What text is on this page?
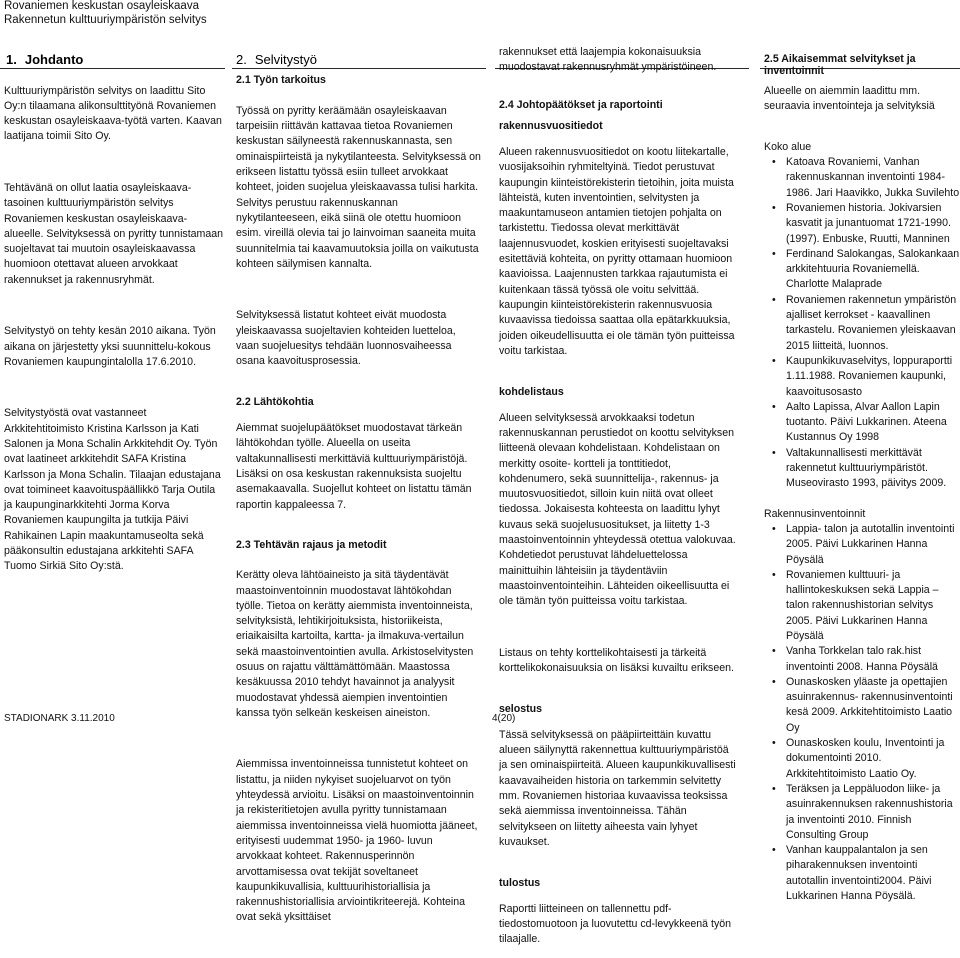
Rovaniemen keskustan osayleiskaava
Rakennetun kulttuuriympäristön selvitys
1. Johdanto	2. Selvitystyö

Kulttuuriympäristön selvitys on laadittu Sito Oy:n tilaamana alikonsulttityönä Rovaniemen keskustan osayleiskaava-työtä varten. Kaavan laatijana toimii Sito Oy.

Tehtävänä on ollut laatia osayleiskaava-tasoinen kulttuuriympäristön selvitys Rovaniemen keskustan osayleiskaava-alueelle. Selvityksessä on pyritty tunnistamaan suojeltavat tai muutoin osayleiskaavassa huomioon otettavat alueen arvokkaat rakennukset ja rakennusryhmät.

Selvitystyö on tehty kesän 2010 aikana. Työn aikana on järjestetty yksi suunnittelu-kokous Rovaniemen kaupungintalolla 17.6.2010.

Selvitystyöstä ovat vastanneet Arkkitehtitoimisto Kristina Karlsson ja Kati Salonen ja Mona Schalin Arkkitehdit Oy. Työn ovat laatineet arkkitehdit SAFA Kristina Karlsson ja Mona Schalin. Tilaajan edustajana ovat toimineet kaavoituspäällikkö Tarja Outila ja kaupunginarkkitehti Jorma Korva Rovaniemen kaupungilta ja tutkija Päivi Rahikainen Lapin maakuntamuseolta sekä pääkonsultin edustajana arkkitehti SAFA Tuomo Sirkiä Sito Oy:stä.

2.1 Työn tarkoitus

Työssä on pyritty keräämään osayleiskaavan tarpeisiin riittävän kattavaa tietoa Rovaniemen keskustan säilyneestä rakennuskannasta, sen ominaispiirteistä ja nykytilanteesta. Selvityksessä on erikseen listattu työssä esiin tulleet arvokkaat kohteet, joiden suojelua yleiskaavassa tulisi harkita. Selvitys perustuu rakennuskannan nykytilanteeseen, eikä siinä ole otettu huomioon esim. vireillä olevia tai jo lainvoiman saaneita muita suunnitelmia tai kaavamuutoksia joilla on vaikutusta kohteen säilymisen kannalta.

Selvityksessä listatut kohteet eivät muodosta yleiskaavassa suojeltavien kohteiden luetteloa, vaan suojeluesitys tehdään luonnosvaiheessa osana kaavoitusprosessia.

2.2 Lähtökohtia

Aiemmat suojelupäätökset muodostavat tärkeän lähtökohdan työlle. Alueella on useita valtakunnallisesti merkittäviä kulttuuriympäristöjä. Lisäksi on osa keskustan rakennuksista suojeltu asemakaavalla. Suojellut kohteet on listattu tämän raportin kappaleessa 7.

2.3 Tehtävän rajaus ja metodit

Kerätty oleva lähtöaineisto ja sitä täydentävät maastoinventoinnin muodostavat lähtökohdan työlle. Tietoa on kerätty aiemmista inventoinneista, selvityksistä, lehtikirjoituksista, historiikeista, eriaikaisilta kartoilta, kartta- ja ilmakuva-vertailun sekä maastoinventointien avulla. Arkistoselvitysten osuus on rajattu välttämättömään. Maastossa kesäkuussa 2010 tehdyt havainnot ja analyysit muodostavat yhdessä aiempien inventointien kanssa työn selkeän keskeisen aineiston.

Aiemmissa inventoinneissa tunnistetut kohteet on listattu, ja niiden nykyiset suojeluarvot on työn yhteydessä arvioitu. Lisäksi on maastoinventoinnin ja rekisteritietojen avulla pyritty tunnistamaan aiemmissa inventoinneissa vielä huomiotta jääneet, erityisesti uudemmat 1950- ja 1960- luvun arvokkaat kohteet. Rakennusperinnön arvottamisessa ovat tekijät soveltaneet kaupunkikuvallisia, kulttuurihistoriallisia ja rakennushistoriallisia arviointikriteerejä. Kohteina ovat sekä yksittäiset

rakennukset että laajempia kokonaisuuksia muodostavat rakennusryhmät ympäristöineen.

2.4 Johtopäätökset ja raportointi
rakennusvuositiedot

Alueen rakennusvuositiedot on kootu liitekartalle, vuosijaksoihin ryhmiteltyinä. Tiedot perustuvat kaupungin kiinteistörekisterin tietoihin, joita muista lähteistä, kuten inventointien, selvitysten ja maakuntamuseon antamien tietojen pohjalta on tarkistettu. Tiedossa olevat merkittävät laajennusvuodet, koskien erityisesti suojeltavaksi esitettäviä kohteita, on pyritty ottamaan huomioon kaavioissa. Laajennusten tarkkaa rajautumista ei kuitenkaan tässä työssä ole voitu selvittää. kaupungin kiinteistörekisterin rakennusvuosia kuvaavissa tiedoissa saattaa olla epätarkkuuksia, joiden oikeudellisuutta ei ole tämän työn puitteissa voitu tarkistaa.

kohdelistaus

Alueen selvityksessä arvokkaaksi todetun rakennuskannan perustiedot on koottu selvityksen liitteenä olevaan kohdelistaan. Kohdelistaan on merkitty osoite- kortteli ja tonttitiedot, kohdenumero, sekä suunnittelija-, rakennus- ja muutosvuositiedot, silloin kuin niitä ovat olleet tiedossa. Jokaisesta kohteesta on laadittu lyhyt kuvaus sekä suojelusuositukset, ja liitetty 1-3 maastoinventoinnin yhteydessä otettua valokuvaa. Kohdetiedot perustuvat lähdeluettelossa mainittuihin lähteisiin ja täydentäviin maastoinventointeihin. Lähteiden oikeellisuutta ei ole tämän työn puitteissa voitu tarkistaa.

Listaus on tehty korttelikohtaisesti ja tärkeitä korttelikokonaisuuksia on lisäksi kuvailtu erikseen.

selostus

Tässä selvityksessä on pääpiirteittäin kuvattu alueen säilynyttä rakennettua kulttuuriympäristöä ja sen ominaispiirteitä. Alueen kaupunkikuvallisesti kaavavaiheiden historia on tarkemmin selvitetty mm. Rovaniemen historiaa kuvaavissa teoksissa sekä aiemmissa inventoinneissa. Tähän selvitykseen on liitetty aiheesta vain lyhyet kuvaukset.

tulostus

Raportti liitteineen on tallennettu pdf-tiedostomuotoon ja luovutettu cd-levykkeenä työn tilaajalle.

2.5 Aikaisemmat selvitykset ja inventoinnit

Alueelle on aiemmin laadittu mm. seuraavia inventointeja ja selvityksiä

Koko alue
• Katoava Rovaniemi, Vanhan rakennuskannan inventointi 1984- 1986. Jari Haavikko, Jukka Suvilehto
• Rovaniemen historia. Jokivarsien kasvatit ja junantuomat 1721-1990. (1997). Enbuske, Ruutti, Manninen
• Ferdinand Salokangas, Salokankaan arkkitehtuuria Rovaniemellä. Charlotte Malaprade
• Rovaniemen rakennetun ympäristön ajalliset kerrokset - kaavallinen tarkastelu. Rovaniemen yleiskaavan 2015 liitteitä, luonnos.
• Kaupunkikuvaselvitys, loppuraportti 1.11.1988. Rovaniemen kaupunki, kaavoitusosasto
• Aalto Lapissa, Alvar Aallon Lapin tuotanto. Päivi Lukkarinen. Ateena Kustannus Oy 1998
• Valtakunnallisesti merkittävät rakennetut kulttuuriympäristöt. Museovirasto 1993, päivitys 2009.
Rakennusinventoinnit
• Lappia- talon ja autotallin inventointi 2005. Päivi Lukkarinen Hanna Pöysälä
• Rovaniemen kulttuuri- ja hallintokeskuksen sekä Lappia –talon rakennushistorian selvitys 2005. Päivi Lukkarinen Hanna Pöysälä
• Vanha Torkkelan talo rak.hist inventointi 2008. Hanna Pöysälä
• Ounaskosken yläaste ja opettajien asuinrakennus- rakennusinventointi kesä 2009. Arkkitehtitoimisto Laatio Oy
• Ounaskosken koulu, Inventointi ja dokumentointi 2010. Arkkitehtitoimisto Laatio Oy.
• Teräksen ja Leppäluodon liike- ja asuinrakennuksen rakennushistoria ja inventointi 2010. Finnish Consulting Group
• Vanhan kauppalantalon ja sen piharakennuksen inventointi autotallin inventointi2004. Päivi Lukkarinen Hanna Pöysälä.
STADIONARK 3.11.2010	4(20)
